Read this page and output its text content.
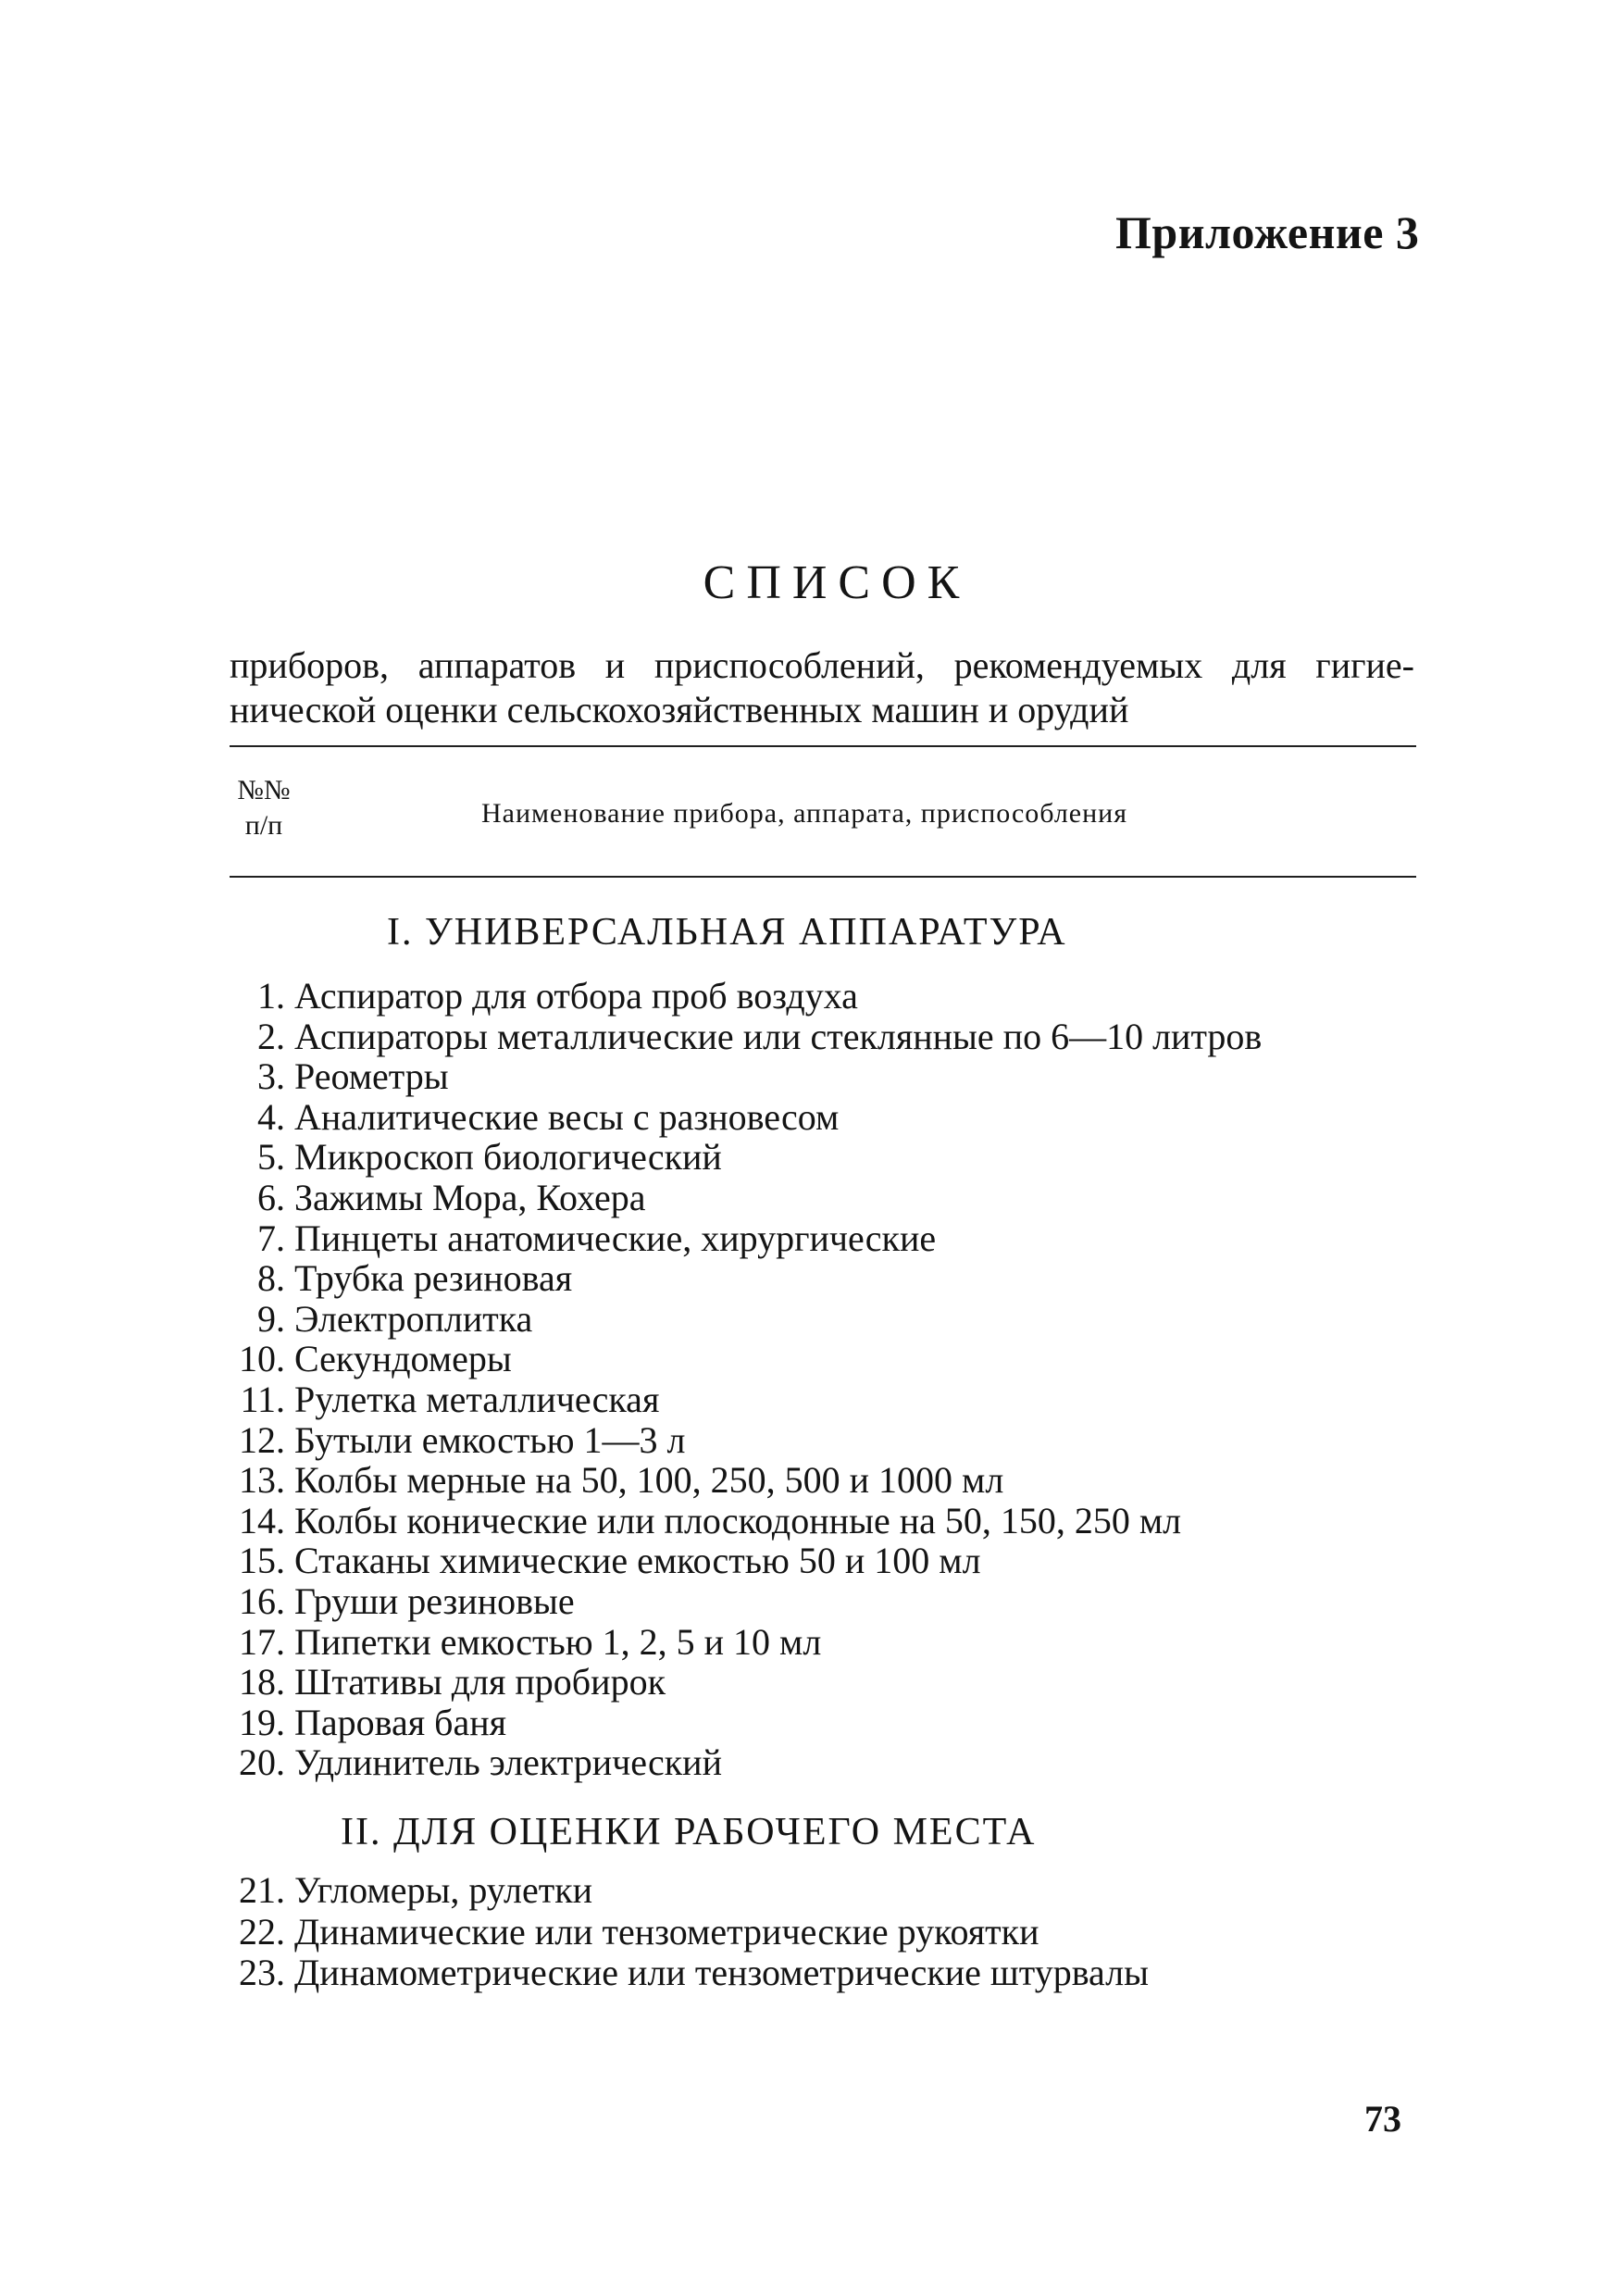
Приложение 3
СПИСОК
приборов, аппаратов и приспособлений, рекомендуемых для гигиенической оценки сельскохозяйственных машин и орудий
№№
п/п	Наименование прибора, аппарата, приспособления
I. УНИВЕРСАЛЬНАЯ АППАРАТУРА
1. Аспиратор для отбора проб воздуха
2. Аспираторы металлические или стеклянные по 6—10 литров
3. Реометры
4. Аналитические весы с разновесом
5. Микроскоп биологический
6. Зажимы Мора, Кохера
7. Пинцеты анатомические, хирургические
8. Трубка резиновая
9. Электроплитка
10. Секундомеры
11. Рулетка металлическая
12. Бутыли емкостью 1—3 л
13. Колбы мерные на 50, 100, 250, 500 и 1000 мл
14. Колбы конические или плоскодонные на 50, 150, 250 мл
15. Стаканы химические емкостью 50 и 100 мл
16. Груши резиновые
17. Пипетки емкостью 1, 2, 5 и 10 мл
18. Штативы для пробирок
19. Паровая баня
20. Удлинитель электрический
II. ДЛЯ ОЦЕНКИ РАБОЧЕГО МЕСТА
21. Угломеры, рулетки
22. Динамические или тензометрические рукоятки
23. Динамометрические или тензометрические штурвалы
73
